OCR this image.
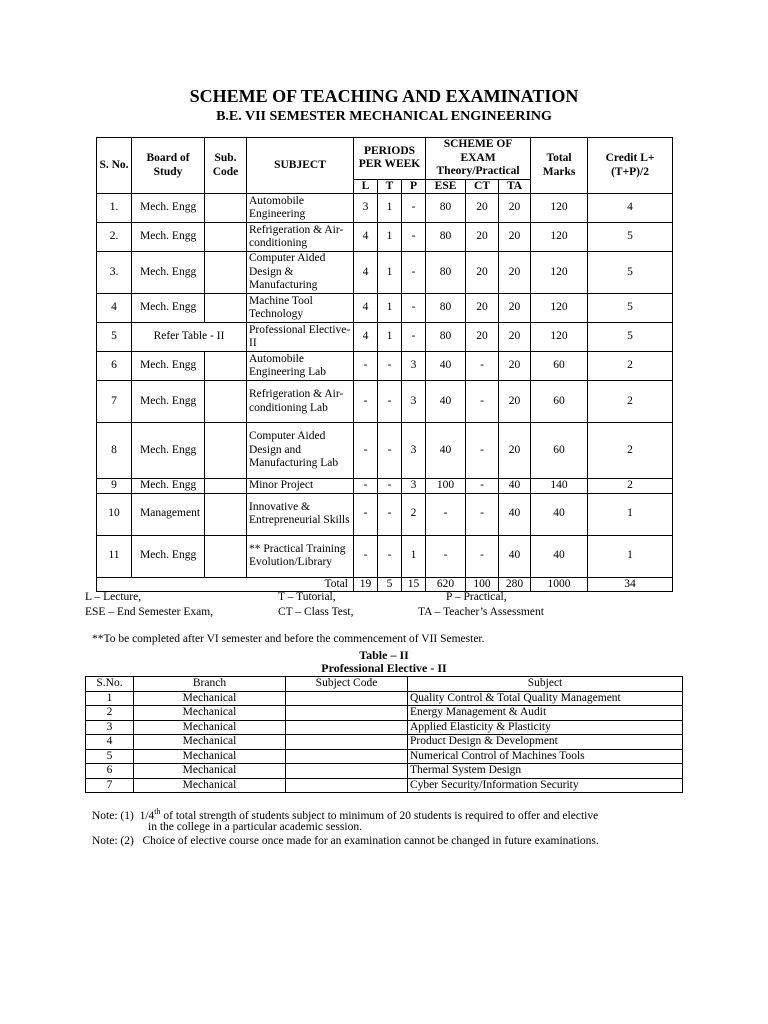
SCHEME OF TEACHING AND EXAMINATION
B.E. VII SEMESTER MECHANICAL ENGINEERING
S. No.	Board of Study	Sub. Code	SUBJECT	PERIODS PER WEEK			SCHEME OF EXAM Theory/Practical			Total Marks	Credit L+(T+P)/2
				L	T	P	ESE	CT	TA		
1.	Mech. Engg		Automobile Engineering	3	1	-	80	20	20	120	4
2.	Mech. Engg		Refrigeration & Air-conditioning	4	1	-	80	20	20	120	5
3.	Mech. Engg		Computer Aided Design & Manufacturing	4	1	-	80	20	20	120	5
4	Mech. Engg		Machine Tool Technology	4	1	-	80	20	20	120	5
5	Refer Table - II		Professional Elective-II	4	1	-	80	20	20	120	5
6	Mech. Engg		Automobile Engineering Lab	-	-	3	40	-	20	60	2
7	Mech. Engg		Refrigeration & Air-conditioning Lab	-	-	3	40	-	20	60	2
8	Mech. Engg		Computer Aided Design and Manufacturing Lab	-	-	3	40	-	20	60	2
9	Mech. Engg		Minor Project	-	-	3	100	-	40	140	2
10	Management		Innovative & Entrepreneurial Skills	-	-	2	-	-	40	40	1
11	Mech. Engg		** Practical Training Evolution/Library	-	-	1	-	-	40	40	1
Total				19	5	15	620	100	280	1000	34
L – Lecture,	T – Tutorial,	P – Practical,
ESE – End Semester Exam,	CT – Class Test,	TA – Teacher’s Assessment
**To be completed after VI semester and before the commencement of VII Semester.
Table – II
Professional Elective - II
S.No.	Branch	Subject Code	Subject
1	Mechanical		Quality Control & Total Quality Management
2	Mechanical		Energy Management & Audit
3	Mechanical		Applied Elasticity & Plasticity
4	Mechanical		Product Design & Development
5	Mechanical		Numerical Control of Machines Tools
6	Mechanical		Thermal System Design
7	Mechanical		Cyber Security/Information Security
Note: (1) 1/4th of total strength of students subject to minimum of 20 students is required to offer and elective
in the college in a particular academic session.
Note: (2) Choice of elective course once made for an examination cannot be changed in future examinations.
